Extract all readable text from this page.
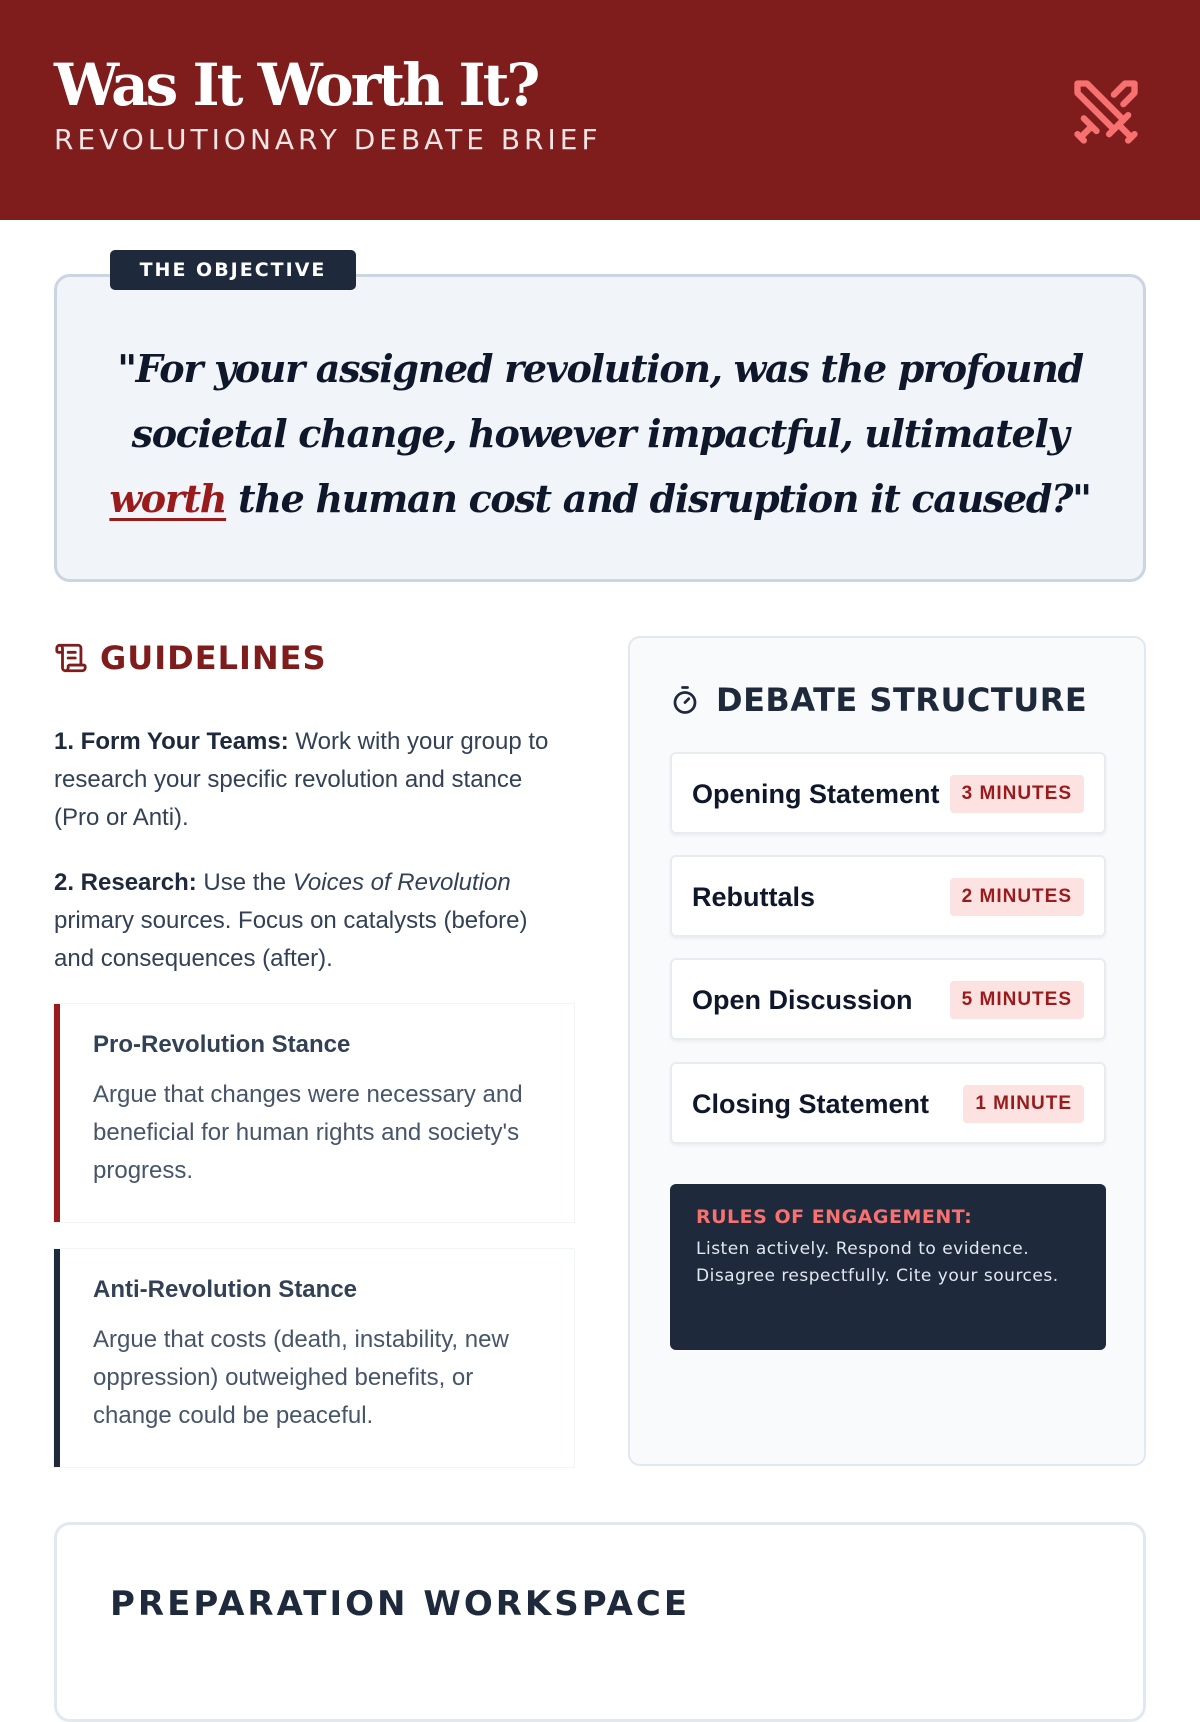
Was It Worth It?
REVOLUTIONARY DEBATE BRIEF
THE OBJECTIVE
"For your assigned revolution, was the profound societal change, however impactful, ultimately worth the human cost and disruption it caused?"
GUIDELINES
1. Form Your Teams: Work with your group to research your specific revolution and stance (Pro or Anti).
2. Research: Use the Voices of Revolution primary sources. Focus on catalysts (before) and consequences (after).
Pro-Revolution Stance
Argue that changes were necessary and beneficial for human rights and society's progress.
Anti-Revolution Stance
Argue that costs (death, instability, new oppression) outweighed benefits, or change could be peaceful.
DEBATE STRUCTURE
Opening Statement	3 MINUTES
Rebuttals	2 MINUTES
Open Discussion	5 MINUTES
Closing Statement	1 MINUTE
RULES OF ENGAGEMENT:
Listen actively. Respond to evidence. Disagree respectfully. Cite your sources.
PREPARATION WORKSPACE
